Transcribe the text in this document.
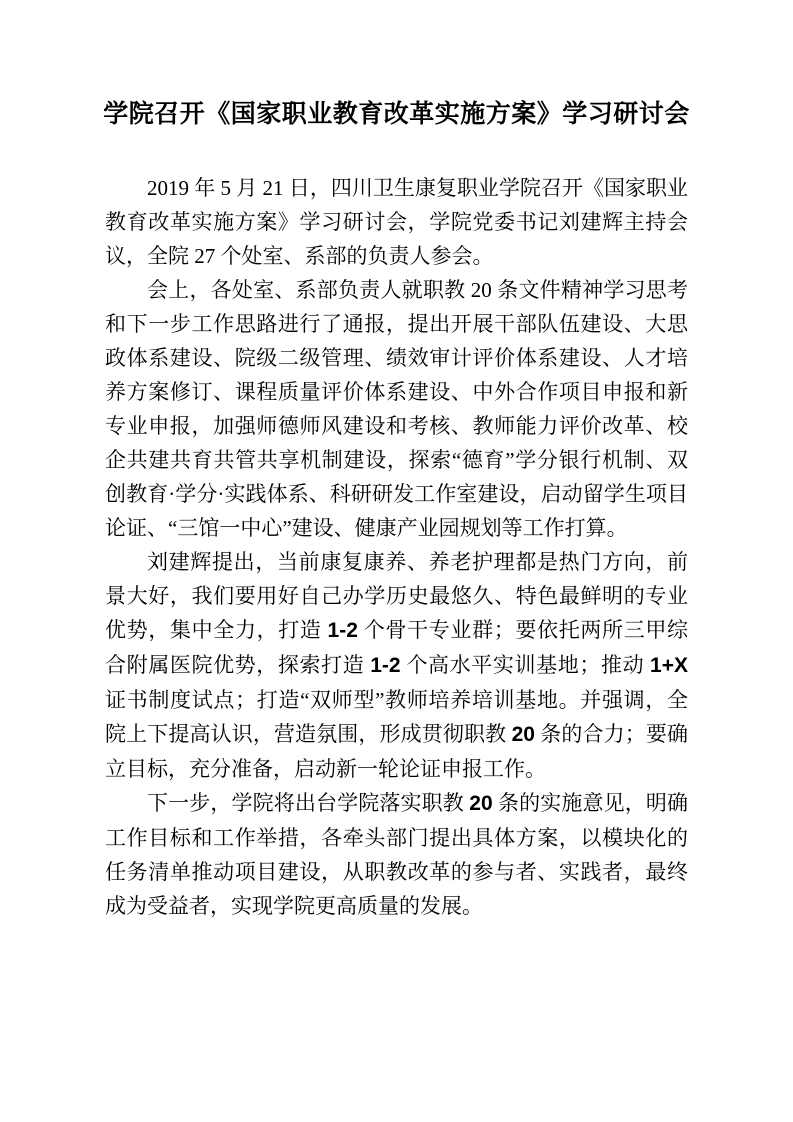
学院召开《国家职业教育改革实施方案》学习研讨会

2019 年 5 月 21 日，四川卫生康复职业学院召开《国家职业教育改革实施方案》学习研讨会，学院党委书记刘建辉主持会议，全院 27 个处室、系部的负责人参会。

会上，各处室、系部负责人就职教 20 条文件精神学习思考和下一步工作思路进行了通报，提出开展干部队伍建设、大思政体系建设、院级二级管理、绩效审计评价体系建设、人才培养方案修订、课程质量评价体系建设、中外合作项目申报和新专业申报，加强师德师风建设和考核、教师能力评价改革、校企共建共育共管共享机制建设，探索“德育”学分银行机制、双创教育·学分·实践体系、科研研发工作室建设，启动留学生项目论证、“三馆一中心”建设、健康产业园规划等工作打算。

刘建辉提出，当前康复康养、养老护理都是热门方向，前景大好，我们要用好自己办学历史最悠久、特色最鲜明的专业优势，集中全力，打造 1-2 个骨干专业群；要依托两所三甲综合附属医院优势，探索打造 1-2 个高水平实训基地；推动 1+X 证书制度试点；打造“双师型”教师培养培训基地。并强调，全院上下提高认识，营造氛围，形成贯彻职教 20 条的合力；要确立目标，充分准备，启动新一轮论证申报工作。

下一步，学院将出台学院落实职教 20 条的实施意见，明确工作目标和工作举措，各牵头部门提出具体方案，以模块化的任务清单推动项目建设，从职教改革的参与者、实践者，最终成为受益者，实现学院更高质量的发展。
